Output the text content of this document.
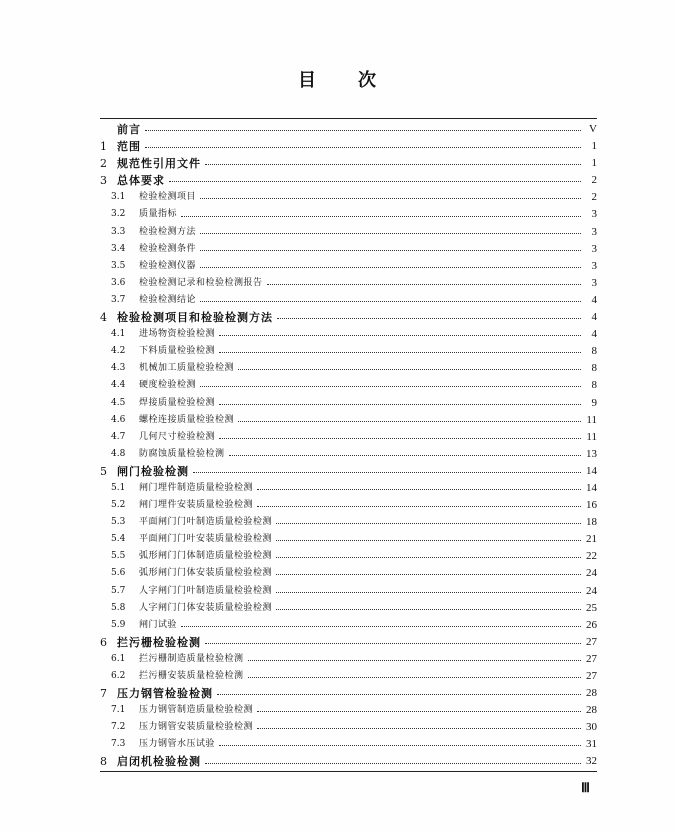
目 次
前言	V
1 范围	1
2 规范性引用文件	1
3 总体要求	2
3.1	检验检测项目	2
3.2	质量指标	3
3.3	检验检测方法	3
3.4	检验检测条件	3
3.5	检验检测仪器	3
3.6	检验检测记录和检验检测报告	3
3.7	检验检测结论	4
4 检验检测项目和检验检测方法	4
4.1	进场物资检验检测	4
4.2	下料质量检验检测	8
4.3	机械加工质量检验检测	8
4.4	硬度检验检测	8
4.5	焊接质量检验检测	9
4.6	螺栓连接质量检验检测	11
4.7	几何尺寸检验检测	11
4.8	防腐蚀质量检验检测	13
5 闸门检验检测	14
5.1	闸门埋件制造质量检验检测	14
5.2	闸门埋件安装质量检验检测	16
5.3	平面闸门门叶制造质量检验检测	18
5.4	平面闸门门叶安装质量检验检测	21
5.5	弧形闸门门体制造质量检验检测	22
5.6	弧形闸门门体安装质量检验检测	24
5.7	人字闸门门叶制造质量检验检测	24
5.8	人字闸门门体安装质量检验检测	25
5.9	闸门试验	26
6 拦污栅检验检测	27
6.1	拦污栅制造质量检验检测	27
6.2	拦污栅安装质量检验检测	27
7 压力钢管检验检测	28
7.1	压力钢管制造质量检验检测	28
7.2	压力钢管安装质量检验检测	30
7.3	压力钢管水压试验	31
8 启闭机检验检测	32
Ⅲ
